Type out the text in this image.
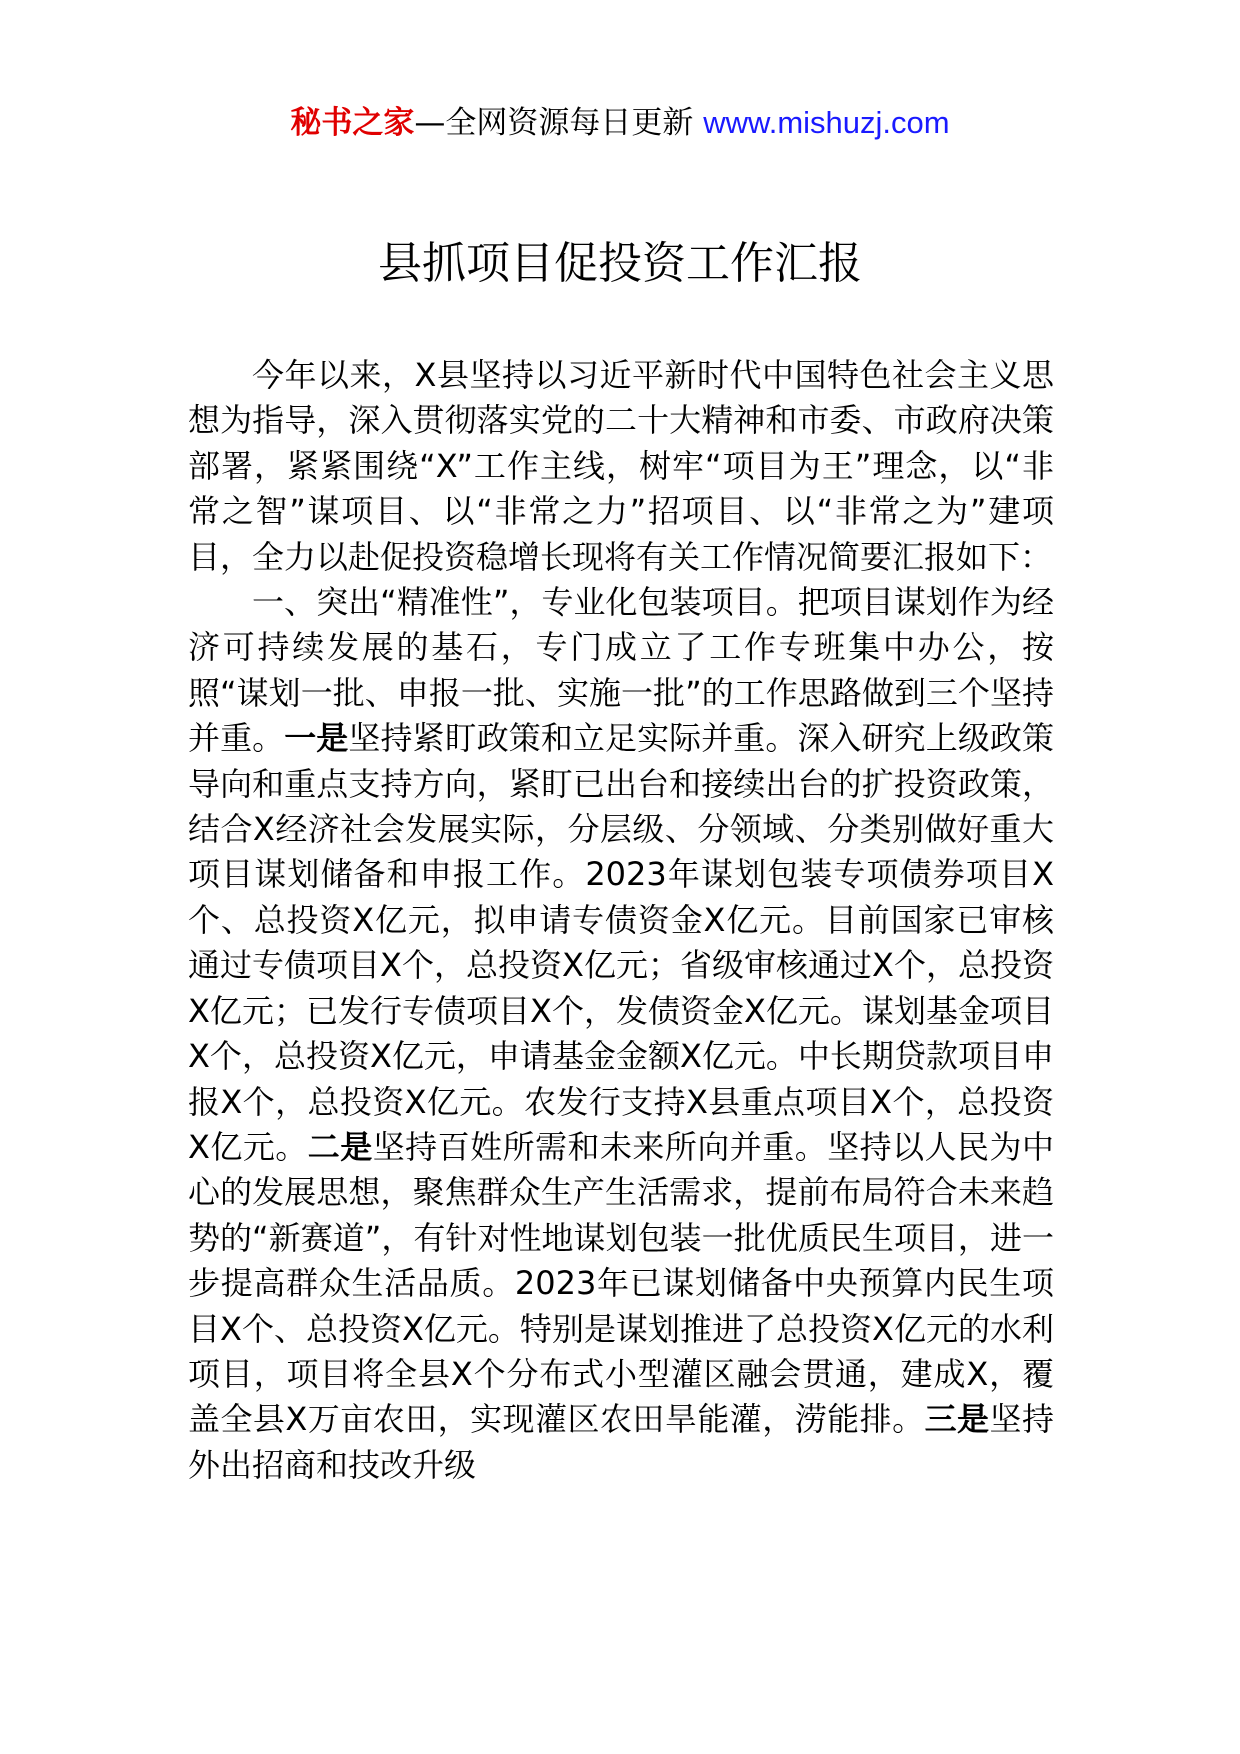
秘书之家—全网资源每日更新 www.mishuzj.com
县抓项目促投资工作汇报

今年以来，X县坚持以习近平新时代中国特色社会主义思想为指导，深入贯彻落实党的二十大精神和市委、市政府决策部署，紧紧围绕“X”工作主线，树牢“项目为王”理念，以“非常之智”谋项目、以“非常之力”招项目、以“非常之为”建项目，全力以赴促投资稳增长现将有关工作情况简要汇报如下：

一、突出“精准性”，专业化包装项目。把项目谋划作为经济可持续发展的基石，专门成立了工作专班集中办公，按照“谋划一批、申报一批、实施一批”的工作思路做到三个坚持并重。一是坚持紧盯政策和立足实际并重。深入研究上级政策导向和重点支持方向，紧盯已出台和接续出台的扩投资政策，结合X经济社会发展实际，分层级、分领域、分类别做好重大项目谋划储备和申报工作。2023年谋划包装专项债券项目X个、总投资X亿元，拟申请专债资金X亿元。目前国家已审核通过专债项目X个，总投资X亿元；省级审核通过X个，总投资X亿元；已发行专债项目X个，发债资金X亿元。谋划基金项目X个，总投资X亿元，申请基金金额X亿元。中长期贷款项目申报X个，总投资X亿元。农发行支持X县重点项目X个，总投资X亿元。二是坚持百姓所需和未来所向并重。坚持以人民为中心的发展思想，聚焦群众生产生活需求，提前布局符合未来趋势的“新赛道”，有针对性地谋划包装一批优质民生项目，进一步提高群众生活品质。2023年已谋划储备中央预算内民生项目X个、总投资X亿元。特别是谋划推进了总投资X亿元的水利项目，项目将全县X个分布式小型灌区融会贯通，建成X，覆盖全县X万亩农田，实现灌区农田旱能灌，涝能排。三是坚持外出招商和技改升级
